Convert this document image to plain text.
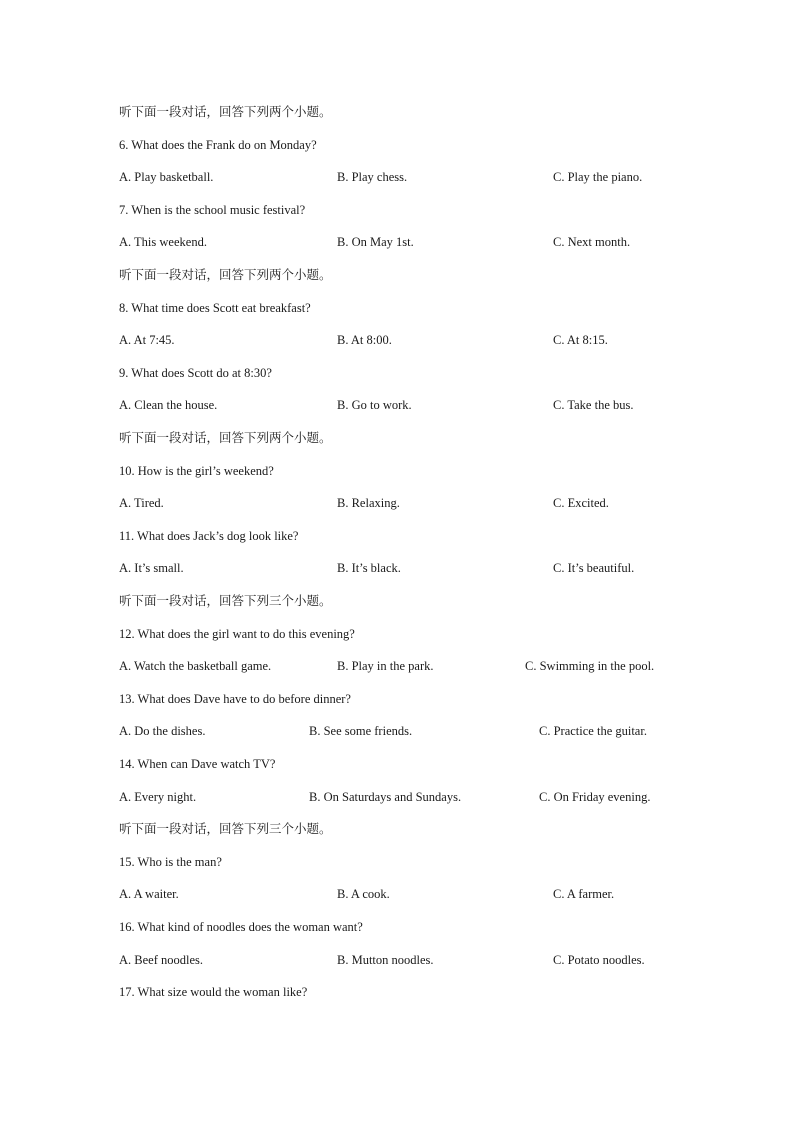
听下面一段对话，回答下列两个小题。
6. What does the Frank do on Monday?
A. Play basketball.	B. Play chess.	C. Play the piano.
7. When is the school music festival?
A. This weekend.	B. On May 1st.	C. Next month.
听下面一段对话，回答下列两个小题。
8. What time does Scott eat breakfast?
A. At 7:45.	B. At 8:00.	C. At 8:15.
9. What does Scott do at 8:30?
A. Clean the house.	B. Go to work.	C. Take the bus.
听下面一段对话，回答下列两个小题。
10. How is the girl’s weekend?
A. Tired.	B. Relaxing.	C. Excited.
11. What does Jack’s dog look like?
A. It’s small.	B. It’s black.	C. It’s beautiful.
听下面一段对话，回答下列三个小题。
12. What does the girl want to do this evening?
A. Watch the basketball game.	B. Play in the park.	C. Swimming in the pool.
13. What does Dave have to do before dinner?
A. Do the dishes.	B. See some friends.	C. Practice the guitar.
14. When can Dave watch TV?
A. Every night.	B. On Saturdays and Sundays.	C. On Friday evening.
听下面一段对话，回答下列三个小题。
15. Who is the man?
A. A waiter.	B. A cook.	C. A farmer.
16. What kind of noodles does the woman want?
A. Beef noodles.	B. Mutton noodles.	C. Potato noodles.
17. What size would the woman like?
